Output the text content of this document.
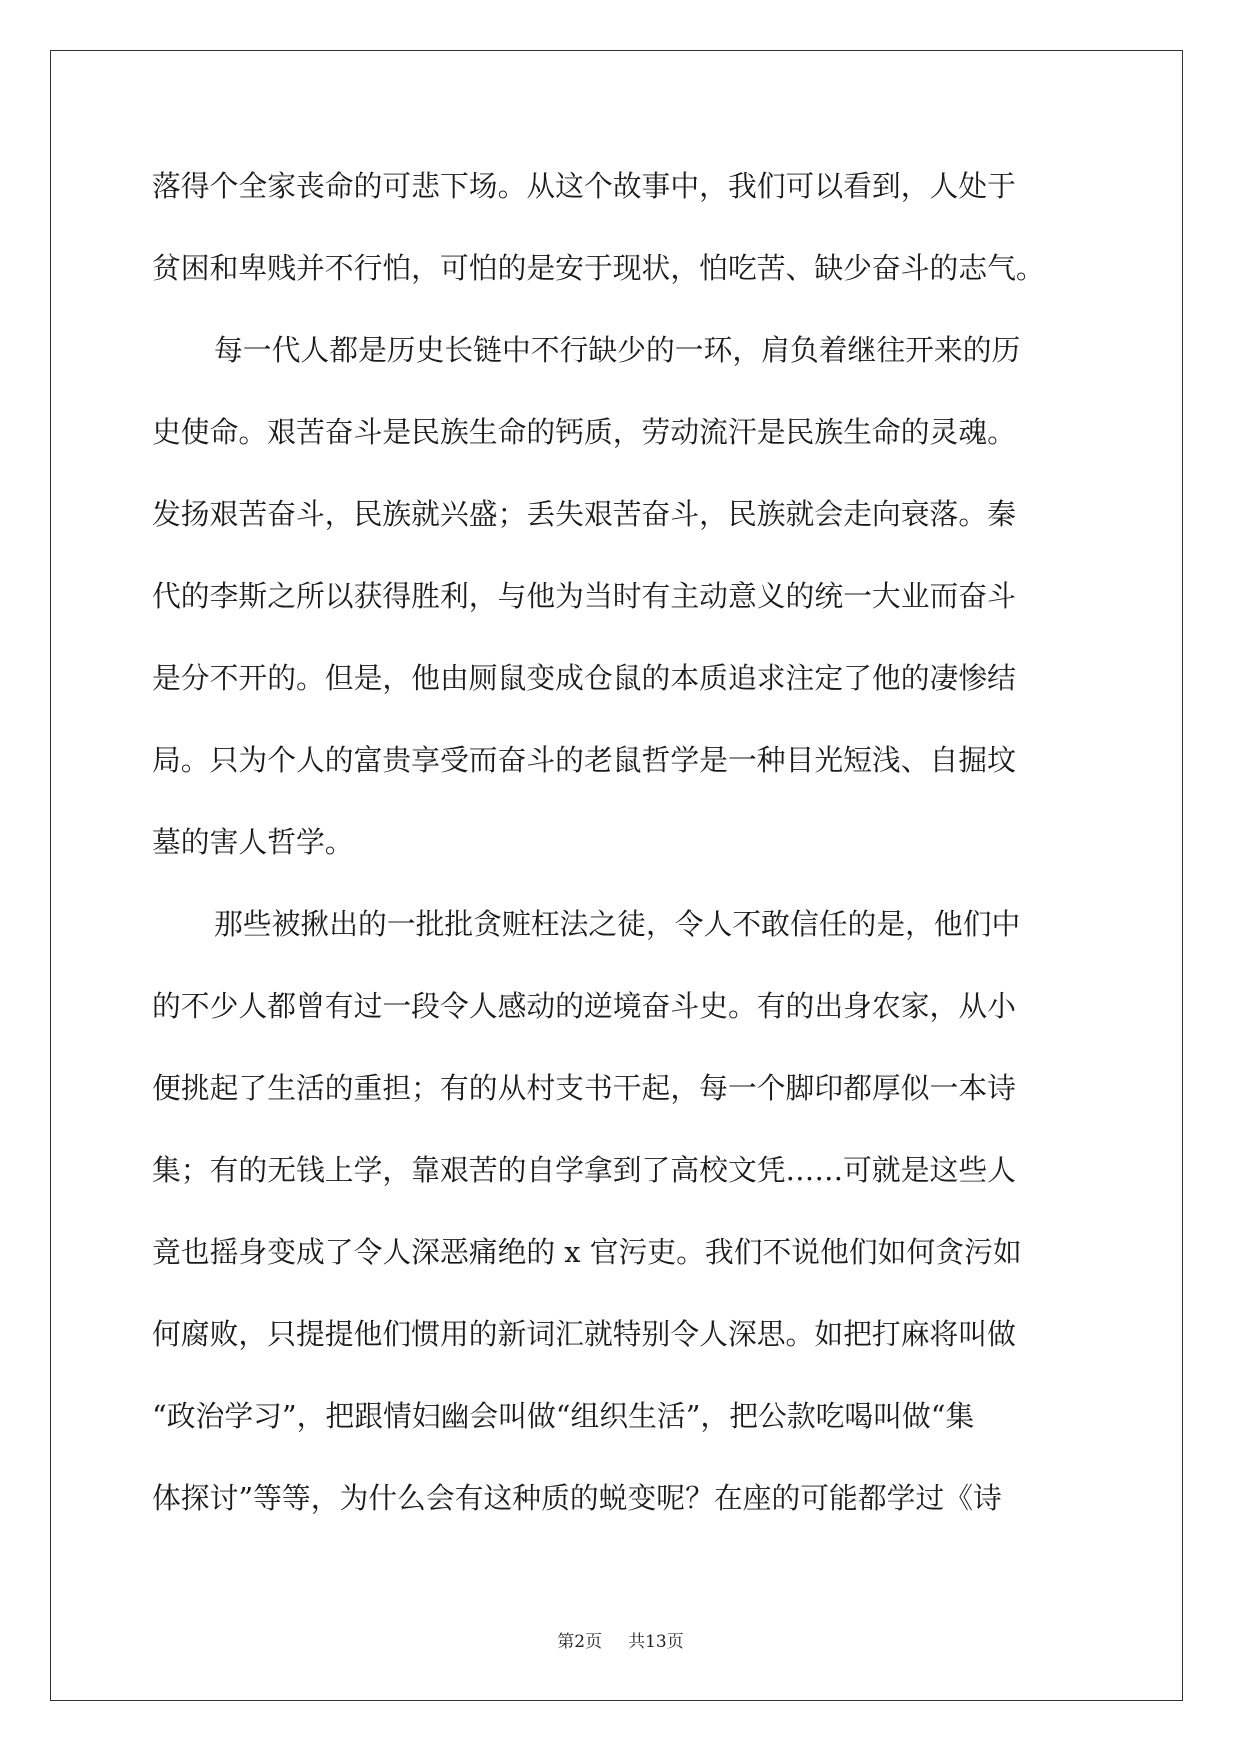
落得个全家丧命的可悲下场。从这个故事中，我们可以看到，人处于
贫困和卑贱并不行怕，可怕的是安于现状，怕吃苦、缺少奋斗的志气。
每一代人都是历史长链中不行缺少的一环，肩负着继往开来的历
史使命。艰苦奋斗是民族生命的钙质，劳动流汗是民族生命的灵魂。
发扬艰苦奋斗，民族就兴盛；丢失艰苦奋斗，民族就会走向衰落。秦
代的李斯之所以获得胜利，与他为当时有主动意义的统一大业而奋斗
是分不开的。但是，他由厕鼠变成仓鼠的本质追求注定了他的凄惨结
局。只为个人的富贵享受而奋斗的老鼠哲学是一种目光短浅、自掘坟
墓的害人哲学。
那些被揪出的一批批贪赃枉法之徒，令人不敢信任的是，他们中
的不少人都曾有过一段令人感动的逆境奋斗史。有的出身农家，从小
便挑起了生活的重担；有的从村支书干起，每一个脚印都厚似一本诗
集；有的无钱上学，靠艰苦的自学拿到了高校文凭……可就是这些人
竟也摇身变成了令人深恶痛绝的 x 官污吏。我们不说他们如何贪污如
何腐败，只提提他们惯用的新词汇就特别令人深思。如把打麻将叫做
“政治学习”，把跟情妇幽会叫做“组织生活”，把公款吃喝叫做“集
体探讨”等等，为什么会有这种质的蜕变呢？在座的可能都学过《诗
第2页 共13页
